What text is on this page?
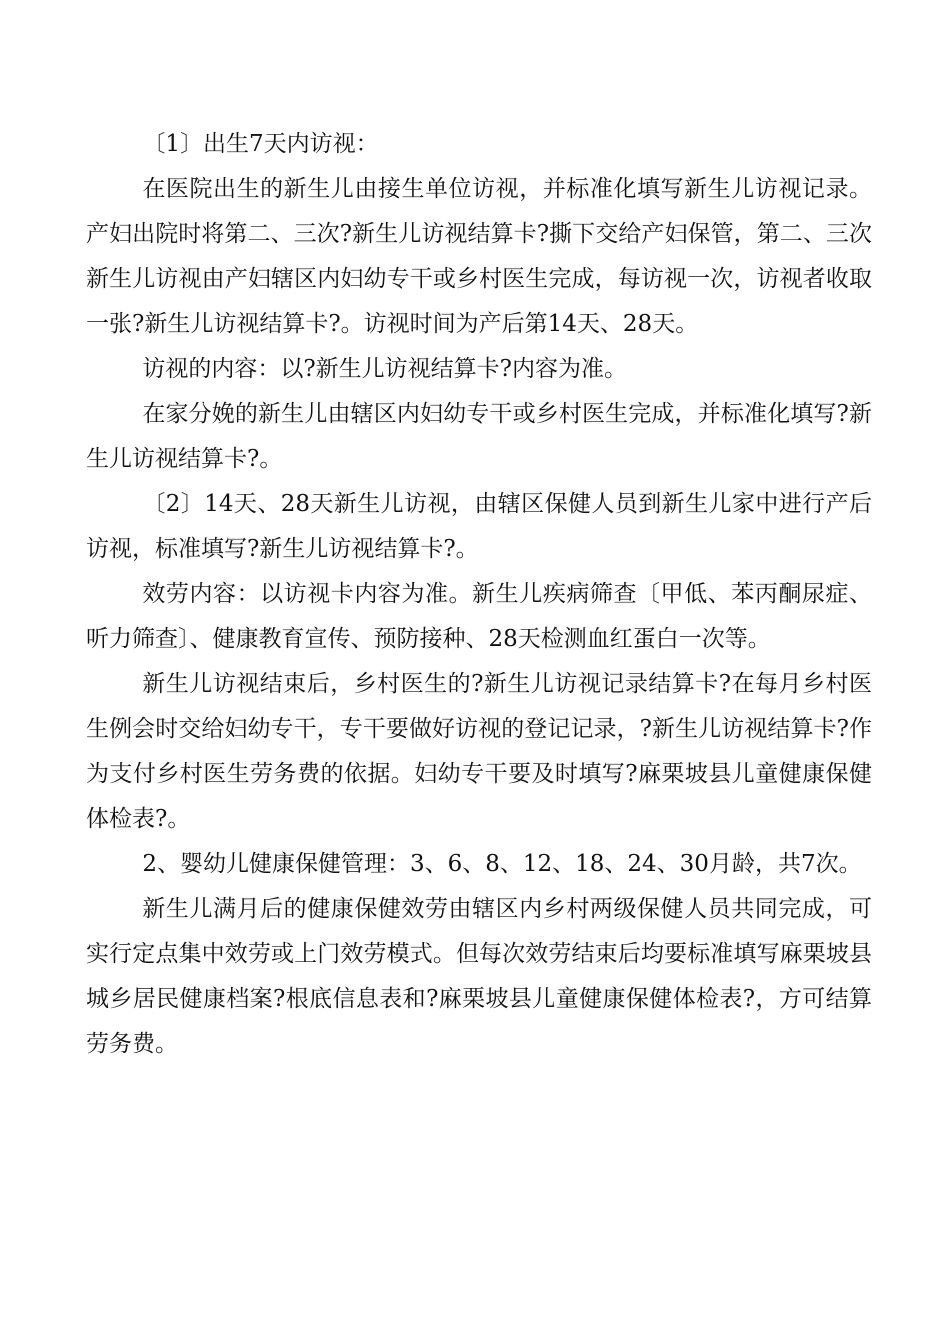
〔1〕出生7天内访视：

在医院出生的新生儿由接生单位访视，并标准化填写新生儿访视记录。产妇出院时将第二、三次?新生儿访视结算卡?撕下交给产妇保管，第二、三次新生儿访视由产妇辖区内妇幼专干或乡村医生完成，每访视一次，访视者收取一张?新生儿访视结算卡?。访视时间为产后第14天、28天。

访视的内容：以?新生儿访视结算卡?内容为准。

在家分娩的新生儿由辖区内妇幼专干或乡村医生完成，并标准化填写?新生儿访视结算卡?。

〔2〕14天、28天新生儿访视，由辖区保健人员到新生儿家中进行产后访视，标准填写?新生儿访视结算卡?。

效劳内容：以访视卡内容为准。新生儿疾病筛查〔甲低、苯丙酮尿症、听力筛查〕、健康教育宣传、预防接种、28天检测血红蛋白一次等。

新生儿访视结束后，乡村医生的?新生儿访视记录结算卡?在每月乡村医生例会时交给妇幼专干，专干要做好访视的登记记录，?新生儿访视结算卡?作为支付乡村医生劳务费的依据。妇幼专干要及时填写?麻栗坡县儿童健康保健体检表?。

2、婴幼儿健康保健管理：3、6、8、12、18、24、30月龄，共7次。

新生儿满月后的健康保健效劳由辖区内乡村两级保健人员共同完成，可实行定点集中效劳或上门效劳模式。但每次效劳结束后均要标准填写麻栗坡县城乡居民健康档案?根底信息表和?麻栗坡县儿童健康保健体检表?，方可结算劳务费。
